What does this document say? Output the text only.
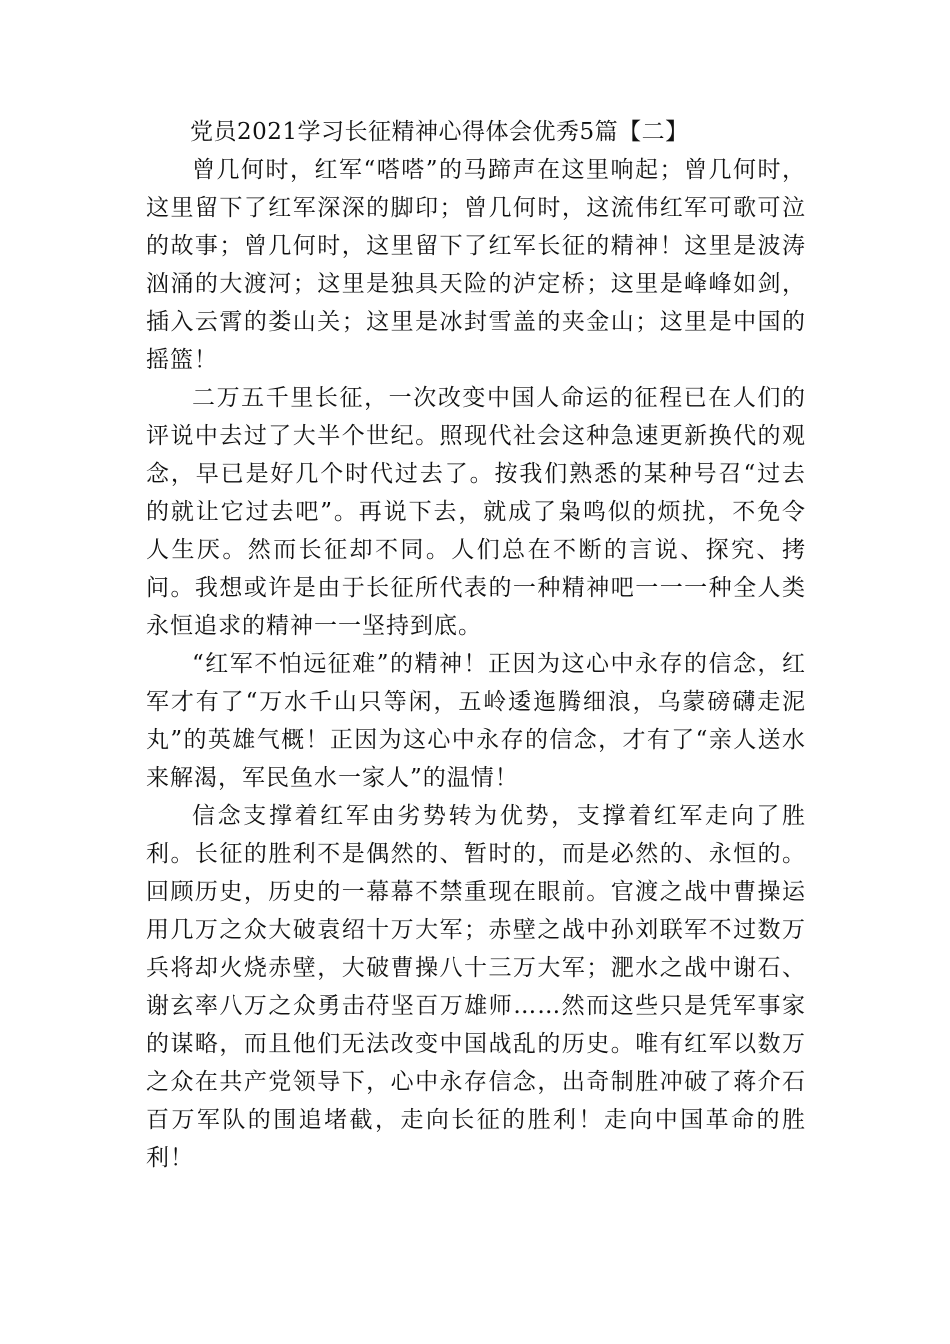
党员2021学习长征精神心得体会优秀5篇【二】

曾几何时，红军“嗒嗒”的马蹄声在这里响起；曾几何时，这里留下了红军深深的脚印；曾几何时，这流伟红军可歌可泣的故事；曾几何时，这里留下了红军长征的精神！这里是波涛汹涌的大渡河；这里是独具天险的泸定桥；这里是峰峰如剑，插入云霄的娄山关；这里是冰封雪盖的夹金山；这里是中国的摇篮！

二万五千里长征，一次改变中国人命运的征程已在人们的评说中去过了大半个世纪。照现代社会这种急速更新换代的观念，早已是好几个时代过去了。按我们熟悉的某种号召“过去的就让它过去吧”。再说下去，就成了枭鸣似的烦扰，不免令人生厌。然而长征却不同。人们总在不断的言说、探究、拷问。我想或许是由于长征所代表的一种精神吧一一一种全人类永恒追求的精神一一坚持到底。

“红军不怕远征难”的精神！正因为这心中永存的信念，红军才有了“万水千山只等闲，五岭逶迤腾细浪，乌蒙磅礴走泥丸”的英雄气概！正因为这心中永存的信念，才有了“亲人送水来解渴，军民鱼水一家人”的温情！

信念支撑着红军由劣势转为优势，支撑着红军走向了胜利。长征的胜利不是偶然的、暂时的，而是必然的、永恒的。回顾历史，历史的一幕幕不禁重现在眼前。官渡之战中曹操运用几万之众大破袁绍十万大军；赤壁之战中孙刘联军不过数万兵将却火烧赤壁，大破曹操八十三万大军；淝水之战中谢石、谢玄率八万之众勇击苻坚百万雄师……然而这些只是凭军事家的谋略，而且他们无法改变中国战乱的历史。唯有红军以数万之众在共产党领导下，心中永存信念，出奇制胜冲破了蒋介石百万军队的围追堵截，走向长征的胜利！走向中国革命的胜利！
